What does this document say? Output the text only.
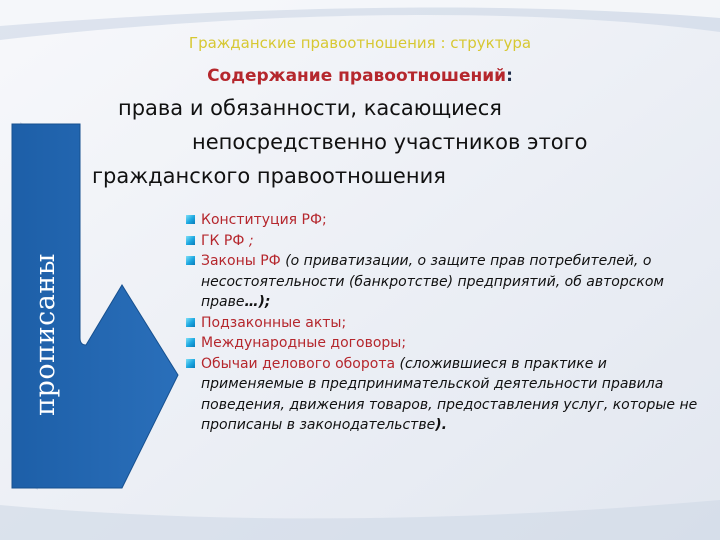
Гражданские правоотношения : структура
Содержание правоотношений:
права и обязанности, касающиеся
непосредственно участников этого
гражданского правоотношения
прописаны
Конституция РФ;
ГК РФ ;
Законы РФ (о приватизации, о защите прав потребителей, о несостоятельности (банкротстве) предприятий, об авторском праве…);
Подзаконные акты;
Международные договоры;
Обычаи делового оборота (сложившиеся в практике и применяемые в предпринимательской деятельности правила поведения, движения товаров, предоставления услуг, которые не прописаны в законодательстве).
